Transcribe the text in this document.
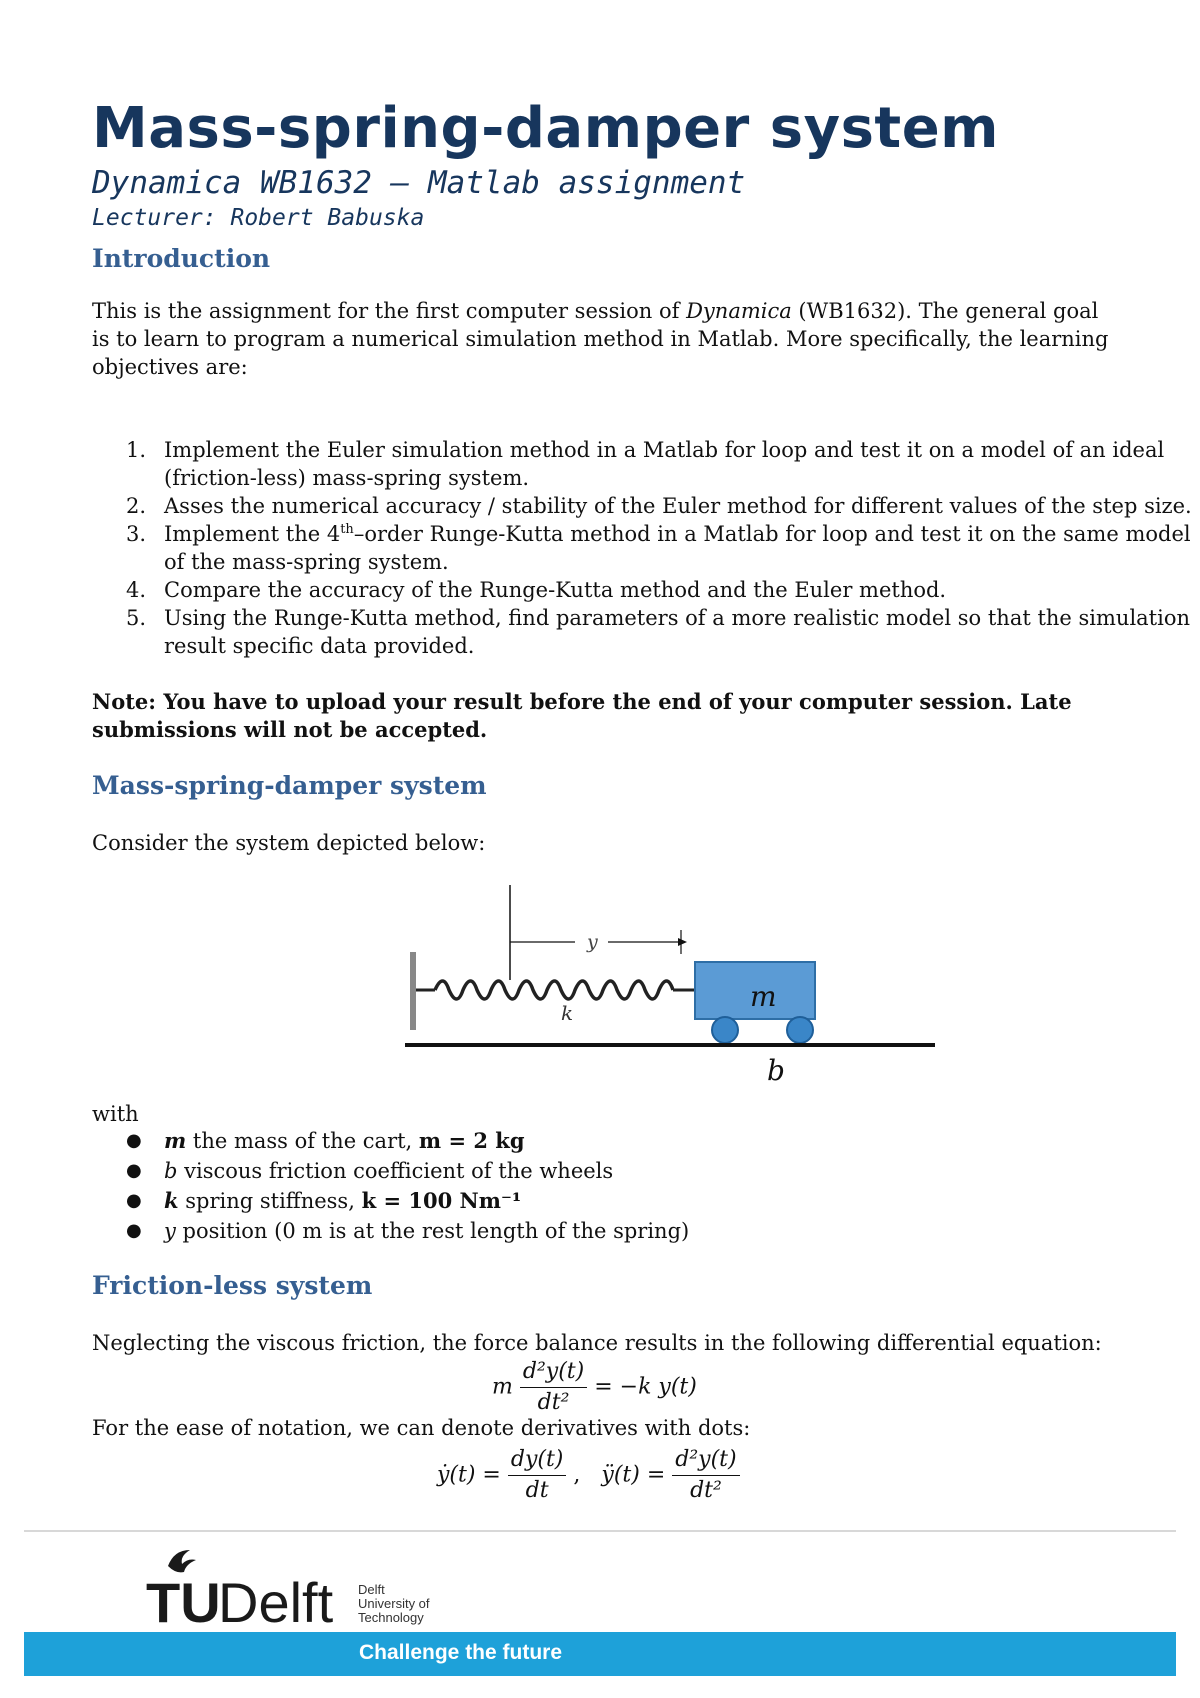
Mass-spring-damper system
Dynamica WB1632 – Matlab assignment
Lecturer: Robert Babuska
Introduction
This is the assignment for the first computer session of Dynamica (WB1632). The general goal is to learn to program a numerical simulation method in Matlab. More specifically, the learning objectives are:
1. Implement the Euler simulation method in a Matlab for loop and test it on a model of an ideal (friction-less) mass-spring system.
2. Asses the numerical accuracy / stability of the Euler method for different values of the step size.
3. Implement the 4th–order Runge-Kutta method in a Matlab for loop and test it on the same model of the mass-spring system.
4. Compare the accuracy of the Runge-Kutta method and the Euler method.
5. Using the Runge-Kutta method, find parameters of a more realistic model so that the simulation result specific data provided.
Note: You have to upload your result before the end of your computer session. Late submissions will not be accepted.
Mass-spring-damper system
Consider the system depicted below:
with
● m the mass of the cart, m = 2 kg
● b viscous friction coefficient of the wheels
● k spring stiffness, k = 100 Nm⁻¹
● y position (0 m is at the rest length of the spring)
Friction-less system
Neglecting the viscous friction, the force balance results in the following differential equation:
m $\frac{\text{d²y(t)}}{\text{dt²}} = -k$ y(t)
For the ease of notation, we can denote derivatives with dots:
ẏ(t) = $\frac{dy(t)}{dt}$ , ÿ(t) = $\frac{\text{d²y(t)}}{\text{dt²}}$
y
k	m
b
TU
Delft Delft
University of
Technology
Challenge the future
